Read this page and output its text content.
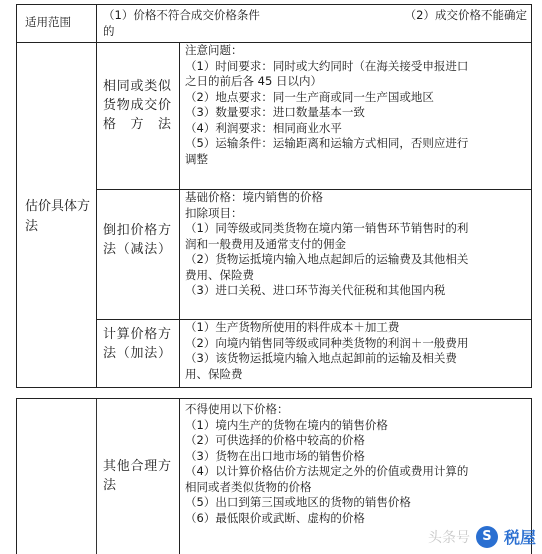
适用范围	（1）价格不符合成交价格条件	（2）成交价格不能确定
的
估价具体方法
相同或类似货物成交价格方法
注意问题：
（1）时间要求：同时或大约同时（在海关接受申报进口
之日的前后各 45 日以内）
（2）地点要求：同一生产商或同一生产国或地区
（3）数量要求：进口数量基本一致
（4）利润要求：相同商业水平
（5）运输条件：运输距离和运输方式相同，否则应进行
调整
倒扣价格方法（减法）
基础价格：境内销售的价格
扣除项目：
（1）同等级或同类货物在境内第一销售环节销售时的利
润和一般费用及通常支付的佣金
（2）货物运抵境内输入地点起卸后的运输费及其他相关
费用、保险费
（3）进口关税、进口环节海关代征税和其他国内税
计算价格方法（加法）
（1）生产货物所使用的料件成本＋加工费
（2）向境内销售同等级或同种类货物的利润＋一般费用
（3）该货物运抵境内输入地点起卸前的运输及相关费
用、保险费
其他合理方法
不得使用以下价格：
（1）境内生产的货物在境内的销售价格
（2）可供选择的价格中较高的价格
（3）货物在出口地市场的销售价格
（4）以计算价格估价方法规定之外的价值或费用计算的
相同或者类似货物的价格
（5）出口到第三国或地区的货物的销售价格
（6）最低限价或武断、虚构的价格
头条号 S 税屋
